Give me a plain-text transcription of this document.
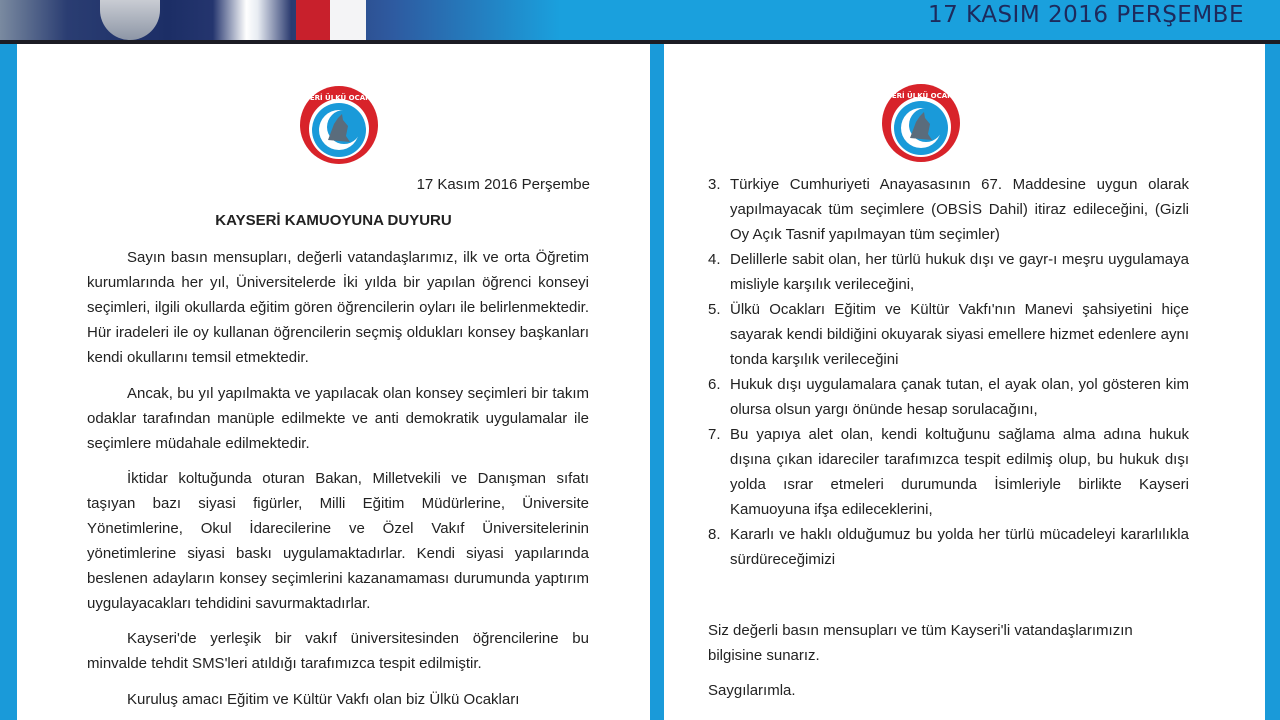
17 KASIM 2016 PERŞEMBE
KAYSERİ ÜLKÜ OCAKLARI
17 Kasım 2016 Perşembe
KAYSERİ KAMUOYUNA DUYURU

Sayın basın mensupları, değerli vatandaşlarımız, ilk ve orta Öğretim kurumlarında her yıl, Üniversitelerde İki yılda bir yapılan öğrenci konseyi seçimleri, ilgili okullarda eğitim gören öğrencilerin oyları ile belirlenmektedir. Hür iradeleri ile oy kullanan öğrencilerin seçmiş oldukları konsey başkanları kendi okullarını temsil etmektedir.

Ancak, bu yıl yapılmakta ve yapılacak olan konsey seçimleri bir takım odaklar tarafından manüple edilmekte ve anti demokratik uygulamalar ile seçimlere müdahale edilmektedir.

İktidar koltuğunda oturan Bakan, Milletvekili ve Danışman sıfatı taşıyan bazı siyasi figürler, Milli Eğitim Müdürlerine, Üniversite Yönetimlerine, Okul İdarecilerine ve Özel Vakıf Üniversitelerinin yönetimlerine siyasi baskı uygulamaktadırlar. Kendi siyasi yapılarında beslenen adayların konsey seçimlerini kazanamaması durumunda yaptırım uygulayacakları tehdidini savurmaktadırlar.

Kayseri'de yerleşik bir vakıf üniversitesinden öğrencilerine bu minvalde tehdit SMS'leri atıldığı tarafımızca tespit edilmiştir.

Kuruluş amacı Eğitim ve Kültür Vakfı olan biz Ülkü Ocakları

KAYSERİ ÜLKÜ OCAKLARI
3. Türkiye Cumhuriyeti Anayasasının 67. Maddesine uygun olarak yapılmayacak tüm seçimlere (OBSİS Dahil) itiraz edileceğini, (Gizli Oy Açık Tasnif yapılmayan tüm seçimler)
4. Delillerle sabit olan, her türlü hukuk dışı ve gayr-ı meşru uygulamaya misliyle karşılık verileceğini,
5. Ülkü Ocakları Eğitim ve Kültür Vakfı'nın Manevi şahsiyetini hiçe sayarak kendi bildiğini okuyarak siyasi emellere hizmet edenlere aynı tonda karşılık verileceğini
6. Hukuk dışı uygulamalara çanak tutan, el ayak olan, yol gösteren kim olursa olsun yargı önünde hesap sorulacağını,
7. Bu yapıya alet olan, kendi koltuğunu sağlama alma adına hukuk dışına çıkan idareciler tarafımızca tespit edilmiş olup, bu hukuk dışı yolda ısrar etmeleri durumunda İsimleriyle birlikte Kayseri Kamuoyuna ifşa edileceklerini,
8. Kararlı ve haklı olduğumuz bu yolda her türlü mücadeleyi kararlılıkla sürdüreceğimizi

Siz değerli basın mensupları ve tüm Kayseri'li vatandaşlarımızın bilgisine sunarız.

Saygılarımla.
